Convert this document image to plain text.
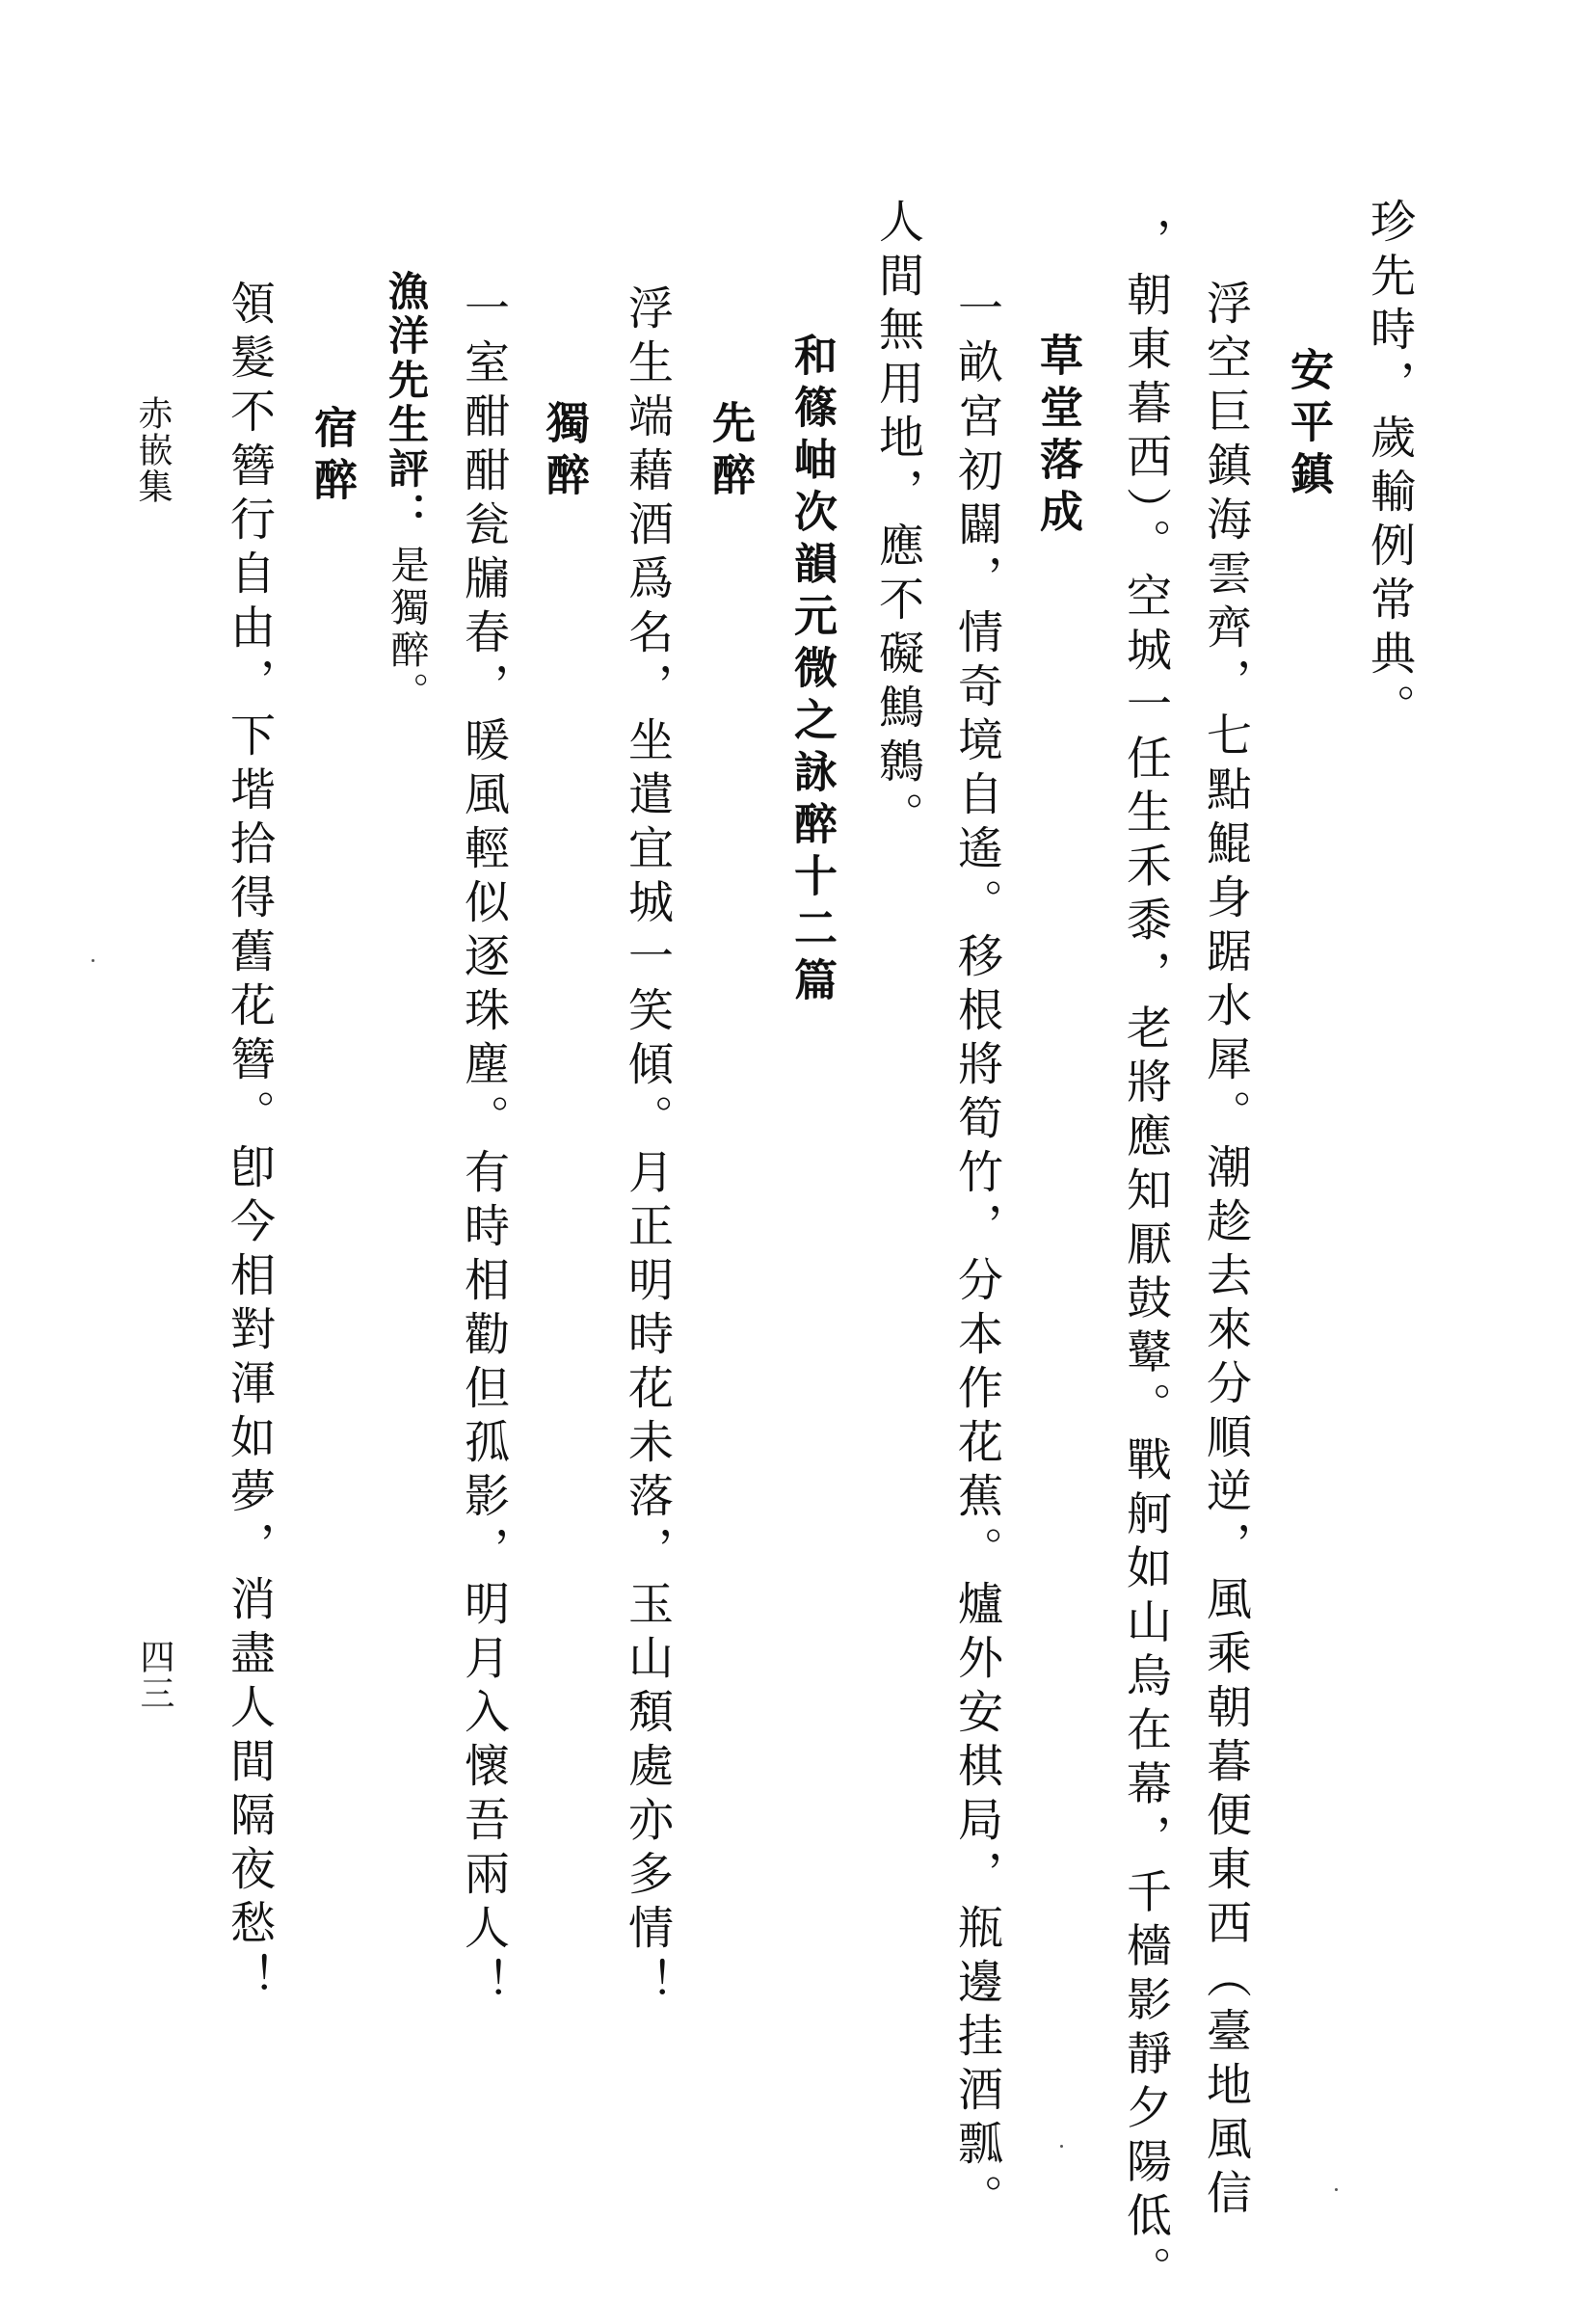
珍先時，歲輸例常典。
安平鎮
浮空巨鎮海雲齊，七點鯤身踞水犀。潮趁去來分順逆，風乘朝暮便東西（臺地風信
，朝東暮西）。空城一任生禾黍，老將應知厭鼓鼙。戰舸如山烏在幕，千檣影靜夕陽低。
草堂落成
一畝宮初闢，情奇境自遙。移根將筍竹，分本作花蕉。爐外安棋局，瓶邊挂酒瓢。
人間無用地，應不礙鷦鷯。
和篠岫次韻元微之詠醉十二篇
先醉
浮生端藉酒爲名，坐遣宜城一笑傾。月正明時花未落，玉山頽處亦多情！
獨醉
一室酣酣瓮牖春，暖風輕似逐珠塵。有時相勸但孤影，明月入懷吾兩人！
漁洋先生評：
是獨醉。
宿醉
領髮不簪行自由，下堦拾得舊花簪。卽今相對渾如夢，消盡人間隔夜愁！
赤嵌集
四三
